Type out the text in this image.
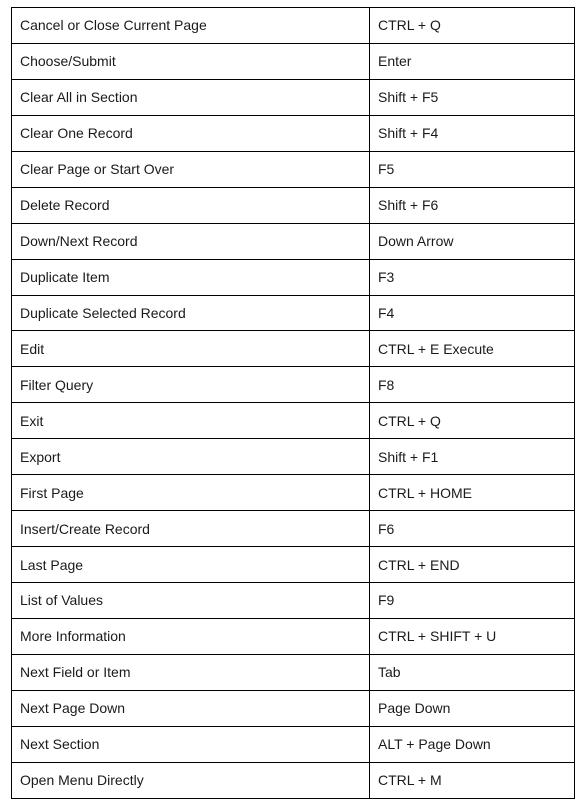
Cancel or Close Current Page	CTRL + Q
Choose/Submit	Enter
Clear All in Section	Shift + F5
Clear One Record	Shift + F4
Clear Page or Start Over	F5
Delete Record	Shift + F6
Down/Next Record	Down Arrow
Duplicate Item	F3
Duplicate Selected Record	F4
Edit	CTRL + E Execute
Filter Query	F8
Exit	CTRL + Q
Export	Shift + F1
First Page	CTRL + HOME
Insert/Create Record	F6
Last Page	CTRL + END
List of Values	F9
More Information	CTRL + SHIFT + U
Next Field or Item	Tab
Next Page Down	Page Down
Next Section	ALT + Page Down
Open Menu Directly	CTRL + M
